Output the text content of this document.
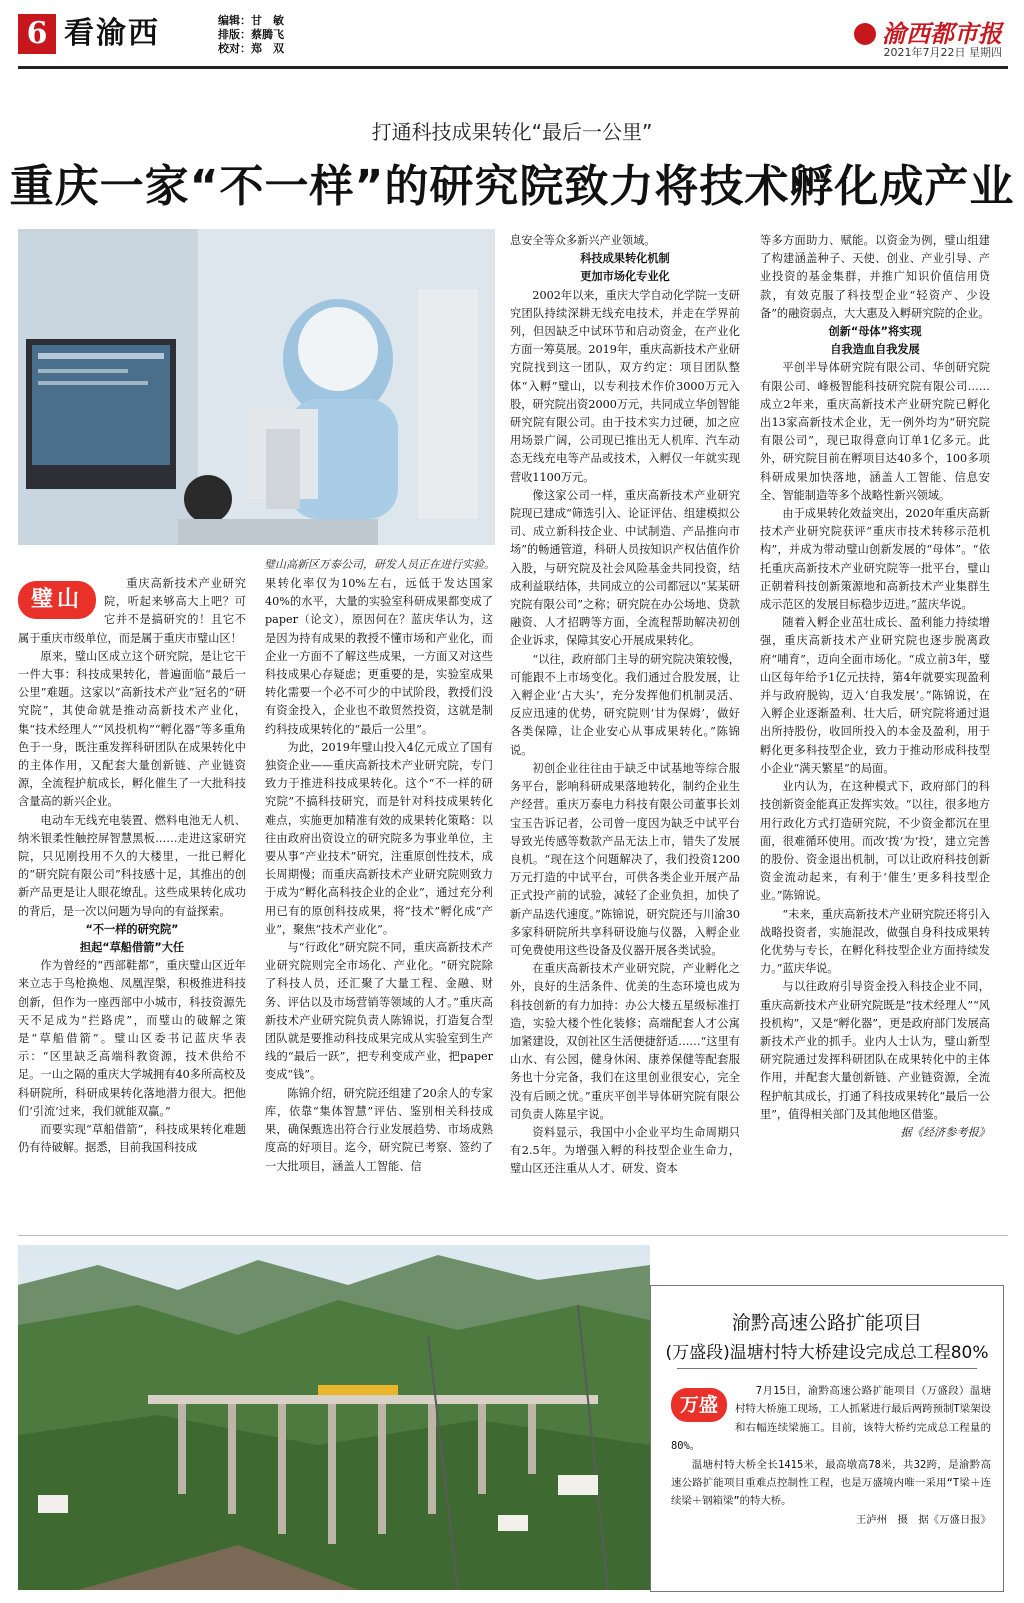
6 看渝西	编辑：甘　敏
排版：蔡腾飞
校对：郑　双
渝西都市报
2021年7月22日 星期四
打通科技成果转化“最后一公里”
重庆一家“不一样”的研究院致力将技术孵化成产业
璧山高新区万泰公司，研发人员正在进行实验。
璧山

重庆高新技术产业研究院，听起来够高大上吧？可它并不是搞研究的！且它不属于重庆市级单位，而是属于重庆市璧山区！

原来，璧山区成立这个研究院，是让它干一件大事：科技成果转化，普遍面临“最后一公里”难题。这家以“高新技术产业”冠名的“研究院”，其使命就是推动高新技术产业化，集“技术经理人”“风投机构”“孵化器”等多重角色于一身，既注重发挥科研团队在成果转化中的主体作用，又配套大量创新链、产业链资源，全流程护航成长，孵化催生了一大批科技含量高的新兴企业。

电动车无线充电装置、燃料电池无人机、纳米银柔性触控屏智慧黑板……走进这家研究院，只见刚投用不久的大楼里，一批已孵化的“研究院有限公司”科技感十足，其推出的创新产品更是让人眼花缭乱。这些成果转化成功的背后，是一次以问题为导向的有益探索。

“不一样的研究院”

担起“草船借箭”大任

作为曾经的“西部鞋都”，重庆璧山区近年来立志于鸟枪换炮、凤凰涅槃，积极推进科技创新，但作为一座西部中小城市，科技资源先天不足成为“拦路虎”，而璧山的破解之策是“草船借箭”。璧山区委书记蓝庆华表示：“区里缺乏高端科教资源，技术供给不足。一山之隔的重庆大学城拥有40多所高校及科研院所，科研成果转化落地潜力很大。把他们‘引流’过来，我们就能双赢。”

而要实现“草船借箭”，科技成果转化难题仍有待破解。据悉，目前我国科技成

果转化率仅为10%左右，远低于发达国家40%的水平，大量的实验室科研成果都变成了paper（论文），原因何在？蓝庆华认为，这是因为持有成果的教授不懂市场和产业化，而企业一方面不了解这些成果，一方面又对这些科技成果心存疑虑；更重要的是，实验室成果转化需要一个必不可少的中试阶段，教授们没有资金投入，企业也不敢贸然投资，这就是制约科技成果转化的“最后一公里”。

为此，2019年璧山投入4亿元成立了国有独资企业——重庆高新技术产业研究院，专门致力于推进科技成果转化。这个“不一样的研究院”不搞科技研究，而是针对科技成果转化难点，实施更加精准有效的成果转化策略：以往由政府出资设立的研究院多为事业单位，主要从事“产业技术”研究，注重原创性技术，成长周期慢；而重庆高新技术产业研究院则致力于成为“孵化高科技企业的企业”，通过充分利用已有的原创科技成果，将“技术”孵化成“产业”，聚焦“技术产业化”。

与“行政化”研究院不同，重庆高新技术产业研究院则完全市场化、产业化。“研究院除了科技人员，还汇聚了大量工程、金融、财务、评估以及市场营销等领域的人才。”重庆高新技术产业研究院负责人陈锦说，打造复合型团队就是要推动科技成果完成从实验室到生产线的“最后一跃”，把专利变成产业，把paper变成“钱”。

陈锦介绍，研究院还组建了20余人的专家库，依靠“集体智慧”评估、鉴别相关科技成果，确保甄选出符合行业发展趋势、市场成熟度高的好项目。迄今，研究院已考察、签约了一大批项目，涵盖人工智能、信

息安全等众多新兴产业领域。

科技成果转化机制

更加市场化专业化

2002年以来，重庆大学自动化学院一支研究团队持续深耕无线充电技术，并走在学界前列，但因缺乏中试环节和启动资金，在产业化方面一筹莫展。2019年，重庆高新技术产业研究院找到这一团队，双方约定：项目团队整体“入孵”璧山，以专利技术作价3000万元入股，研究院出资2000万元，共同成立华创智能研究院有限公司。由于技术实力过硬，加之应用场景广阔，公司现已推出无人机库、汽车动态无线充电等产品或技术，入孵仅一年就实现营收1100万元。

像这家公司一样，重庆高新技术产业研究院现已建成“筛选引入、论证评估、组建模拟公司、成立新科技企业、中试制造、产品推向市场”的畅通管道，科研人员按知识产权估值作价入股，与研究院及社会风险基金共同投资，结成利益联结体，共同成立的公司都冠以“某某研究院有限公司”之称；研究院在办公场地、贷款融资、人才招聘等方面，全流程帮助解决初创企业诉求，保障其安心开展成果转化。

“以往，政府部门主导的研究院决策较慢，可能跟不上市场变化。我们通过合股发展，让入孵企业‘占大头’，充分发挥他们机制灵活、反应迅速的优势，研究院则‘甘为保姆’，做好各类保障，让企业安心从事成果转化。”陈锦说。

初创企业往往由于缺乏中试基地等综合服务平台，影响科研成果落地转化，制约企业生产经营。重庆万泰电力科技有限公司董事长刘宝玉告诉记者，公司曾一度因为缺乏中试平台导致光传感等数款产品无法上市，错失了发展良机。“现在这个问题解决了，我们投资1200万元打造的中试平台，可供各类企业开展产品正式投产前的试验，减轻了企业负担，加快了新产品迭代速度。”陈锦说，研究院还与川渝30多家科研院所共享科研设施与仪器，入孵企业可免费使用这些设备及仪器开展各类试验。

在重庆高新技术产业研究院，产业孵化之外，良好的生活条件、优美的生态环境也成为科技创新的有力加持：办公大楼五星级标准打造，实验大楼个性化装修；高端配套人才公寓加紧建设，双创社区生活便捷舒适……“这里有山水、有公园，健身休闲、康养保健等配套服务也十分完备，我们在这里创业很安心，完全没有后顾之忧。”重庆平创半导体研究院有限公司负责人陈星宇说。

资料显示，我国中小企业平均生命周期只有2.5年。为增强入孵的科技型企业生命力，璧山区还注重从人才、研发、资本

等多方面助力、赋能。以资金为例，璧山组建了构建涵盖种子、天使、创业、产业引导、产业投资的基金集群，并推广知识价值信用贷款，有效克服了科技型企业“轻资产、少设备”的融资弱点，大大惠及入孵研究院的企业。

创新“母体”将实现

自我造血自我发展

平创半导体研究院有限公司、华创研究院有限公司、峰极智能科技研究院有限公司……成立2年来，重庆高新技术产业研究院已孵化出13家高新技术企业，无一例外均为“研究院有限公司”，现已取得意向订单1亿多元。此外，研究院目前在孵项目达40多个，100多项科研成果加快落地，涵盖人工智能、信息安全、智能制造等多个战略性新兴领域。

由于成果转化效益突出，2020年重庆高新技术产业研究院获评“重庆市技术转移示范机构”，并成为带动璧山创新发展的“母体”。“依托重庆高新技术产业研究院等一批平台，璧山正朝着科技创新策源地和高新技术产业集群生成示范区的发展目标稳步迈进。”蓝庆华说。

随着入孵企业茁壮成长、盈利能力持续增强，重庆高新技术产业研究院也逐步脱离政府“哺育”，迈向全面市场化。“成立前3年，璧山区每年给予1亿元扶持，第4年就要实现盈利并与政府脱钩，迈入‘自我发展’。”陈锦说，在入孵企业逐渐盈利、壮大后，研究院将通过退出所持股份，收回所投入的本金及盈利，用于孵化更多科技型企业，致力于推动形成科技型小企业“满天繁星”的局面。

业内认为，在这种模式下，政府部门的科技创新资金能真正发挥实效。“以往，很多地方用行政化方式打造研究院，不少资金都沉在里面，很难循环使用。而改‘拨’为‘投’，建立完善的股份、资金退出机制，可以让政府科技创新资金流动起来，有利于‘催生’更多科技型企业。”陈锦说。

“未来，重庆高新技术产业研究院还将引入战略投资者，实施混改，做强自身科技成果转化优势与专长，在孵化科技型企业方面持续发力。”蓝庆华说。

与以往政府引导资金投入科技企业不同，重庆高新技术产业研究院既是“技术经理人”“风投机构”，又是“孵化器”，更是政府部门发展高新技术产业的抓手。业内人士认为，璧山新型研究院通过发挥科研团队在成果转化中的主体作用，并配套大量创新链、产业链资源，全流程护航其成长，打通了科技成果转化“最后一公里”，值得相关部门及其他地区借鉴。

据《经济参考报》

渝黔高速公路扩能项目
(万盛段)温塘村特大桥建设完成总工程80%
万盛

7月15日，渝黔高速公路扩能项目（万盛段）温塘村特大桥施工现场，工人抓紧进行最后两跨预制T梁架设和右幅连续梁施工。目前，该特大桥约完成总工程量的80%。

温塘村特大桥全长1415米，最高墩高78米，共32跨，是渝黔高速公路扩能项目重难点控制性工程，也是万盛境内唯一采用“T梁＋连续梁＋钢箱梁”的特大桥。

王泸州　摄　据《万盛日报》
